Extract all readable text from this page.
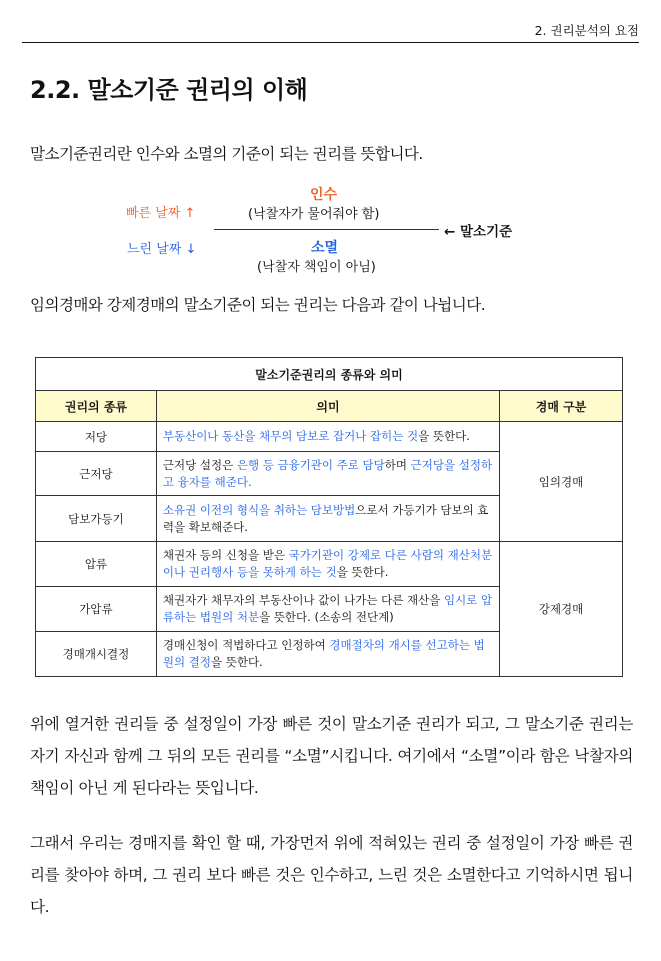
2. 권리분석의 요점
2.2. 말소기준 권리의 이해
말소기준권리란 인수와 소멸의 기준이 되는 권리를 뜻합니다.
빠른 날짜 ↑
느린 날짜 ↓
인수
(낙찰자가 물어줘야 함)
← 말소기준
소멸
(낙찰자 책임이 아님)
임의경매와 강제경매의 말소기준이 되는 권리는 다음과 같이 나뉩니다.
말소기준권리의 종류와 의미		
권리의 종류	의미	경매 구분
저당	부동산이나 동산을 채무의 담보로 잡거나 잡히는 것을 뜻한다.	임의경매
근저당	근저당 설정은 은행 등 금융기관이 주로 담당하며 근저당을 설정하고 융자를 해준다.	
담보가등기	소유권 이전의 형식을 취하는 담보방법으로서 가등기가 담보의 효력을 확보해준다.	
압류	채권자 등의 신청을 받은 국가기관이 강제로 다른 사람의 재산처분이나 권리행사 등을 못하게 하는 것을 뜻한다.	강제경매
가압류	채권자가 채무자의 부동산이나 값이 나가는 다른 재산을 임시로 압류하는 법원의 처분을 뜻한다. (소송의 전단계)	
경매개시결정	경매신청이 적법하다고 인정하여 경매절차의 개시를 선고하는 법원의 결정을 뜻한다.	
위에 열거한 권리들 중 설정일이 가장 빠른 것이 말소기준 권리가 되고, 그 말소기준 권리는 자기 자신과 함께 그 뒤의 모든 권리를 “소멸”시킵니다. 여기에서 “소멸”이라 함은 낙찰자의 책임이 아닌 게 된다라는 뜻입니다.
그래서 우리는 경매지를 확인 할 때, 가장먼저 위에 적혀있는 권리 중 설정일이 가장 빠른 권리를 찾아야 하며, 그 권리 보다 빠른 것은 인수하고, 느린 것은 소멸한다고 기억하시면 됩니다.
